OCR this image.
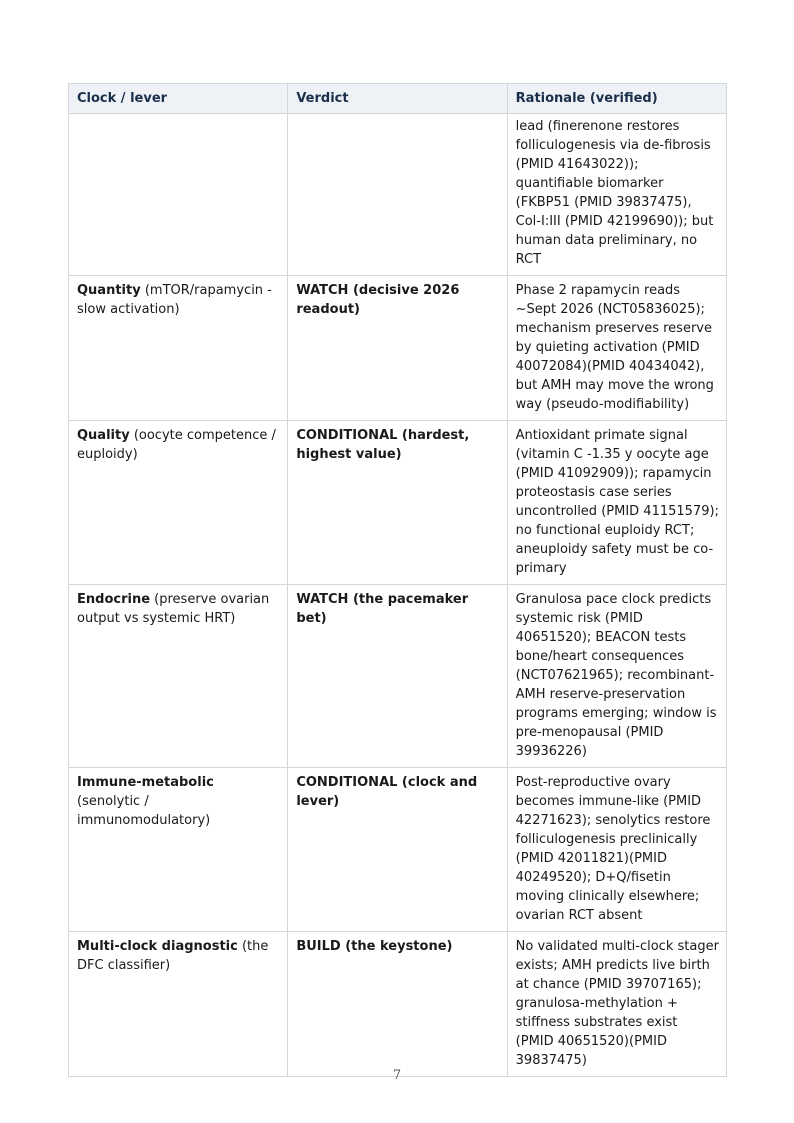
Clock / lever	Verdict	Rationale (verified)
		lead (finerenone restores folliculogenesis via de-fibrosis (PMID 41643022)); quantifiable biomarker (FKBP51 (PMID 39837475), Col-I:III (PMID 42199690)); but human data preliminary, no RCT
Quantity (mTOR/rapamycin - slow activation)	WATCH (decisive 2026 readout)	Phase 2 rapamycin reads ~Sept 2026 (NCT05836025); mechanism preserves reserve by quieting activation (PMID 40072084)(PMID 40434042), but AMH may move the wrong way (pseudo-modifiability)
Quality (oocyte competence / euploidy)	CONDITIONAL (hardest, highest value)	Antioxidant primate signal (vitamin C -1.35 y oocyte age (PMID 41092909)); rapamycin proteostasis case series uncontrolled (PMID 41151579); no functional euploidy RCT; aneuploidy safety must be co-primary
Endocrine (preserve ovarian output vs systemic HRT)	WATCH (the pacemaker bet)	Granulosa pace clock predicts systemic risk (PMID 40651520); BEACON tests bone/heart consequences (NCT07621965); recombinant-AMH reserve-preservation programs emerging; window is pre-menopausal (PMID 39936226)
Immune-metabolic (senolytic / immunomodulatory)	CONDITIONAL (clock and lever)	Post-reproductive ovary becomes immune-like (PMID 42271623); senolytics restore folliculogenesis preclinically (PMID 42011821)(PMID 40249520); D+Q/fisetin moving clinically elsewhere; ovarian RCT absent
Multi-clock diagnostic (the DFC classifier)	BUILD (the keystone)	No validated multi-clock stager exists; AMH predicts live birth at chance (PMID 39707165); granulosa-methylation + stiffness substrates exist (PMID 40651520)(PMID 39837475)
7
